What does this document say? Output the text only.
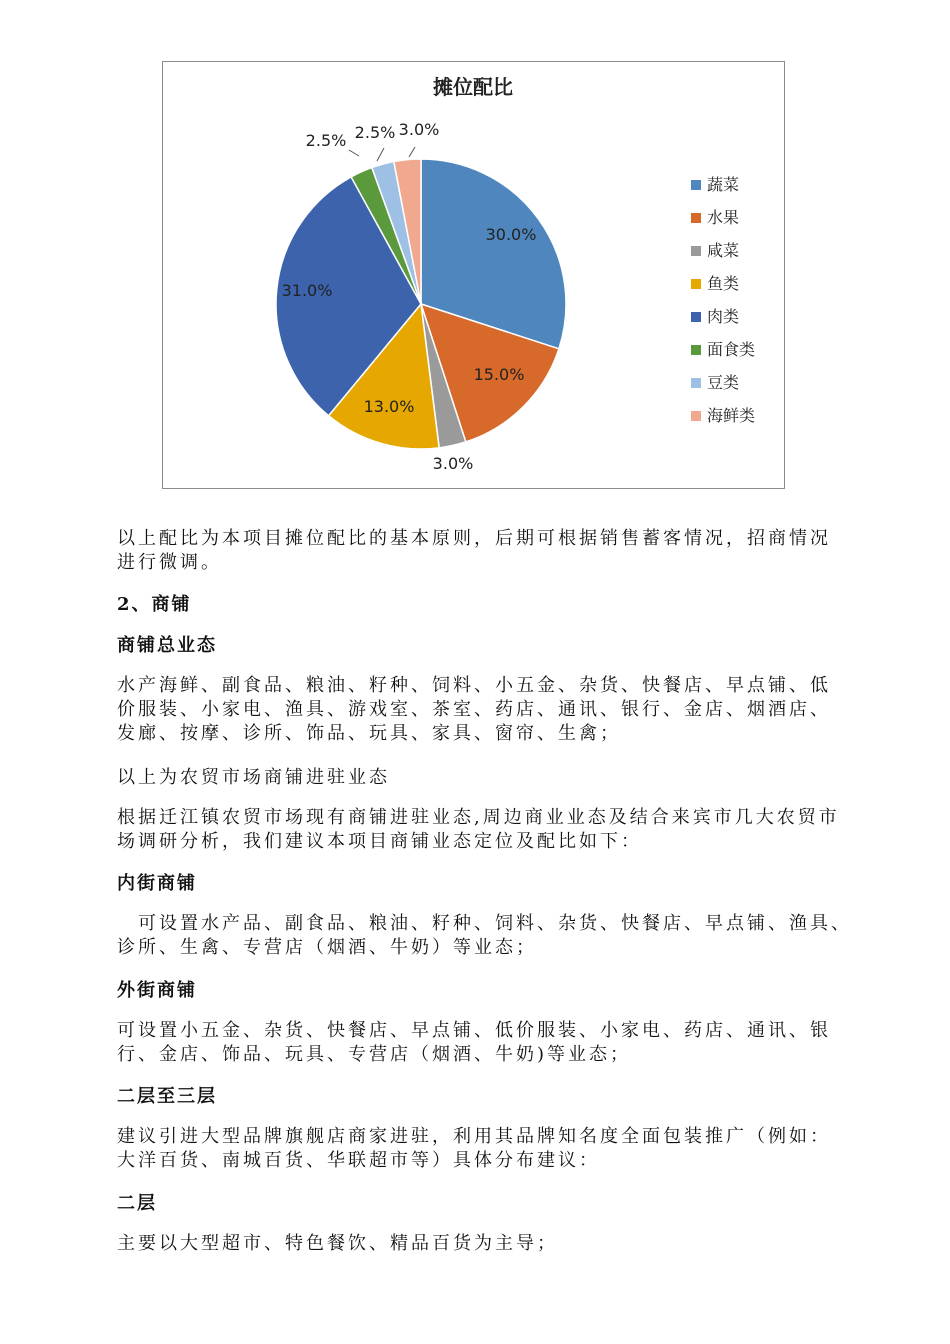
摊位配比
30.0%
15.0%
3.0%
13.0%
31.0%
2.5% 2.5% 3.0%
蔬菜
水果
咸菜
鱼类
肉类
面食类
豆类
海鲜类
以上配比为本项目摊位配比的基本原则，后期可根据销售蓄客情况，招商情况
进行微调。
2、商铺
商铺总业态
水产海鲜、副食品、粮油、籽种、饲料、小五金、杂货、快餐店、早点铺、低
价服装、小家电、渔具、游戏室、茶室、药店、通讯、银行、金店、烟酒店、
发廊、按摩、诊所、饰品、玩具、家具、窗帘、生禽；
以上为农贸市场商铺进驻业态
根据迁江镇农贸市场现有商铺进驻业态,周边商业业态及结合来宾市几大农贸市
场调研分析，我们建议本项目商铺业态定位及配比如下：
内街商铺
　可设置水产品、副食品、粮油、籽种、饲料、杂货、快餐店、早点铺、渔具、
诊所、生禽、专营店（烟酒、牛奶）等业态；
外街商铺
可设置小五金、杂货、快餐店、早点铺、低价服装、小家电、药店、通讯、银
行、金店、饰品、玩具、专营店（烟酒、牛奶)等业态；
二层至三层
建议引进大型品牌旗舰店商家进驻，利用其品牌知名度全面包装推广（例如：
大洋百货、南城百货、华联超市等）具体分布建议：
二层
主要以大型超市、特色餐饮、精品百货为主导；
